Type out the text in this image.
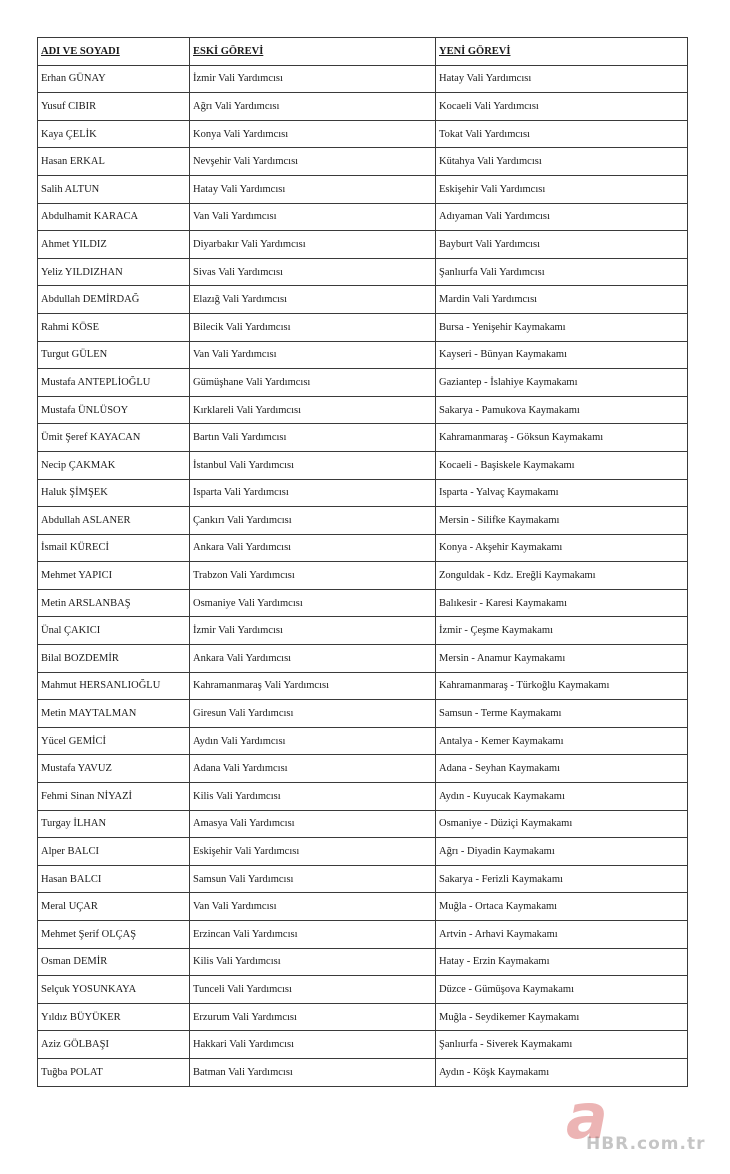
ADI VE SOYADI	ESKİ GÖREVİ	YENİ GÖREVİ
Erhan GÜNAY	İzmir Vali Yardımcısı	Hatay Vali Yardımcısı
Yusuf CIBIR	Ağrı Vali Yardımcısı	Kocaeli Vali Yardımcısı
Kaya ÇELİK	Konya Vali Yardımcısı	Tokat Vali Yardımcısı
Hasan ERKAL	Nevşehir Vali Yardımcısı	Kütahya Vali Yardımcısı
Salih ALTUN	Hatay Vali Yardımcısı	Eskişehir Vali Yardımcısı
Abdulhamit KARACA	Van Vali Yardımcısı	Adıyaman Vali Yardımcısı
Ahmet YILDIZ	Diyarbakır Vali Yardımcısı	Bayburt Vali Yardımcısı
Yeliz YILDIZHAN	Sivas Vali Yardımcısı	Şanlıurfa Vali Yardımcısı
Abdullah DEMİRDAĞ	Elazığ Vali Yardımcısı	Mardin Vali Yardımcısı
Rahmi KÖSE	Bilecik Vali Yardımcısı	Bursa - Yenişehir Kaymakamı
Turgut GÜLEN	Van Vali Yardımcısı	Kayseri - Bünyan Kaymakamı
Mustafa ANTEPLİOĞLU	Gümüşhane Vali Yardımcısı	Gaziantep - İslahiye Kaymakamı
Mustafa ÜNLÜSOY	Kırklareli Vali Yardımcısı	Sakarya - Pamukova Kaymakamı
Ümit Şeref KAYACAN	Bartın Vali Yardımcısı	Kahramanmaraş - Göksun Kaymakamı
Necip ÇAKMAK	İstanbul Vali Yardımcısı	Kocaeli - Başiskele Kaymakamı
Haluk ŞİMŞEK	Isparta Vali Yardımcısı	Isparta - Yalvaç Kaymakamı
Abdullah ASLANER	Çankırı Vali Yardımcısı	Mersin - Silifke Kaymakamı
İsmail KÜRECİ	Ankara Vali Yardımcısı	Konya - Akşehir Kaymakamı
Mehmet YAPICI	Trabzon Vali Yardımcısı	Zonguldak - Kdz. Ereğli Kaymakamı
Metin ARSLANBAŞ	Osmaniye Vali Yardımcısı	Balıkesir - Karesi Kaymakamı
Ünal ÇAKICI	İzmir Vali Yardımcısı	İzmir - Çeşme Kaymakamı
Bilal BOZDEMİR	Ankara Vali Yardımcısı	Mersin - Anamur Kaymakamı
Mahmut HERSANLIOĞLU	Kahramanmaraş Vali Yardımcısı	Kahramanmaraş - Türkoğlu Kaymakamı
Metin MAYTALMAN	Giresun Vali Yardımcısı	Samsun - Terme Kaymakamı
Yücel GEMİCİ	Aydın Vali Yardımcısı	Antalya - Kemer Kaymakamı
Mustafa YAVUZ	Adana Vali Yardımcısı	Adana - Seyhan Kaymakamı
Fehmi Sinan NİYAZİ	Kilis Vali Yardımcısı	Aydın - Kuyucak Kaymakamı
Turgay İLHAN	Amasya Vali Yardımcısı	Osmaniye - Düziçi Kaymakamı
Alper BALCI	Eskişehir Vali Yardımcısı	Ağrı - Diyadin Kaymakamı
Hasan BALCI	Samsun Vali Yardımcısı	Sakarya - Ferizli Kaymakamı
Meral UÇAR	Van Vali Yardımcısı	Muğla - Ortaca Kaymakamı
Mehmet Şerif OLÇAŞ	Erzincan Vali Yardımcısı	Artvin - Arhavi Kaymakamı
Osman DEMİR	Kilis Vali Yardımcısı	Hatay - Erzin Kaymakamı
Selçuk YOSUNKAYA	Tunceli Vali Yardımcısı	Düzce - Gümüşova Kaymakamı
Yıldız BÜYÜKER	Erzurum Vali Yardımcısı	Muğla - Seydikemer Kaymakamı
Aziz GÖLBAŞI	Hakkari Vali Yardımcısı	Şanlıurfa - Siverek Kaymakamı
Tuğba POLAT	Batman Vali Yardımcısı	Aydın - Köşk Kaymakamı
a
HBR.com.tr
